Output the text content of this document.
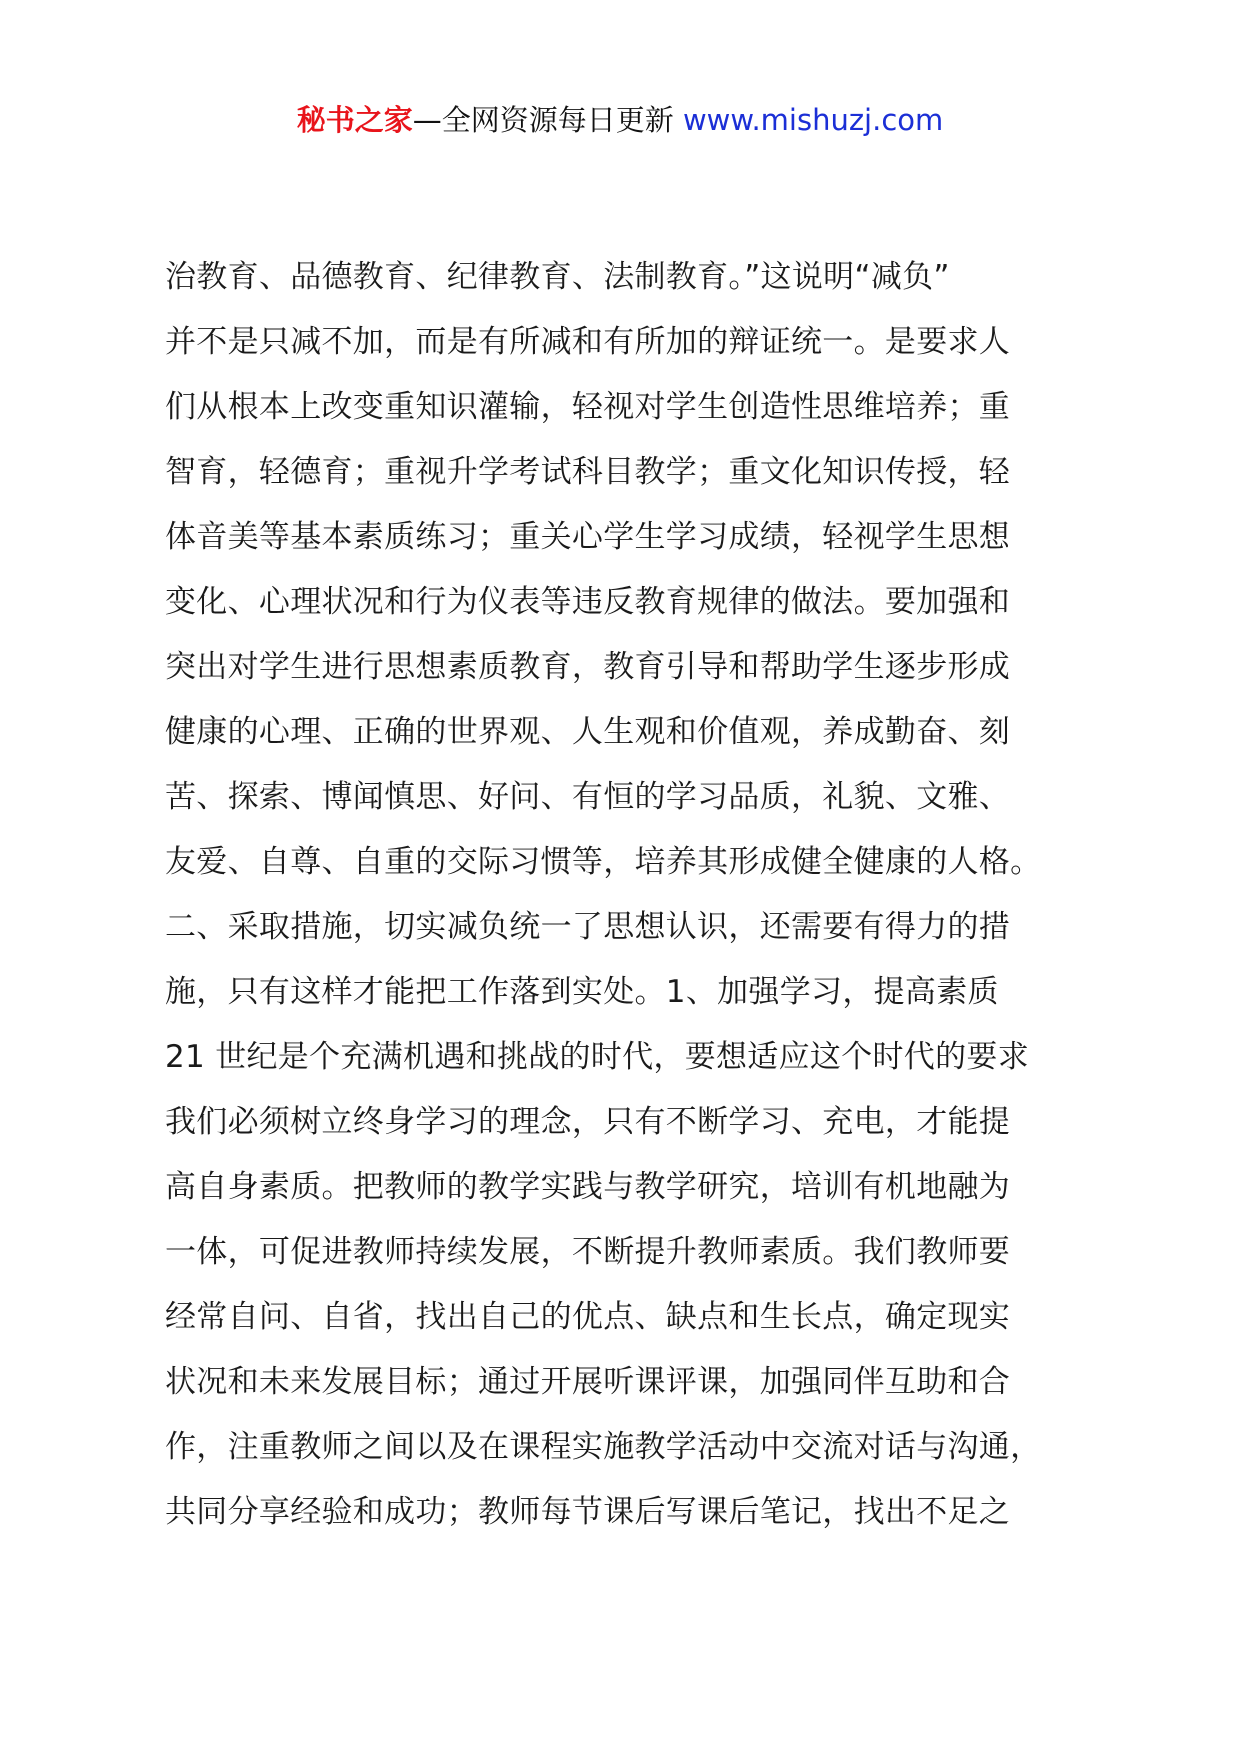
秘书之家—全网资源每日更新 www.mishuzj.com
治教育、品德教育、纪律教育、法制教育。”这说明“减负”
并不是只减不加，而是有所减和有所加的辩证统一。是要求人
们从根本上改变重知识灌输，轻视对学生创造性思维培养；重
智育，轻德育；重视升学考试科目教学；重文化知识传授，轻
体音美等基本素质练习；重关心学生学习成绩，轻视学生思想
变化、心理状况和行为仪表等违反教育规律的做法。要加强和
突出对学生进行思想素质教育，教育引导和帮助学生逐步形成
健康的心理、正确的世界观、人生观和价值观，养成勤奋、刻
苦、探索、博闻慎思、好问、有恒的学习品质，礼貌、文雅、
友爱、自尊、自重的交际习惯等，培养其形成健全健康的人格。
二、采取措施，切实减负统一了思想认识，还需要有得力的措
施，只有这样才能把工作落到实处。1、加强学习，提高素质
21 世纪是个充满机遇和挑战的时代，要想适应这个时代的要求
我们必须树立终身学习的理念，只有不断学习、充电，才能提
高自身素质。把教师的教学实践与教学研究，培训有机地融为
一体，可促进教师持续发展，不断提升教师素质。我们教师要
经常自问、自省，找出自己的优点、缺点和生长点，确定现实
状况和未来发展目标；通过开展听课评课，加强同伴互助和合
作，注重教师之间以及在课程实施教学活动中交流对话与沟通，
共同分享经验和成功；教师每节课后写课后笔记，找出不足之
